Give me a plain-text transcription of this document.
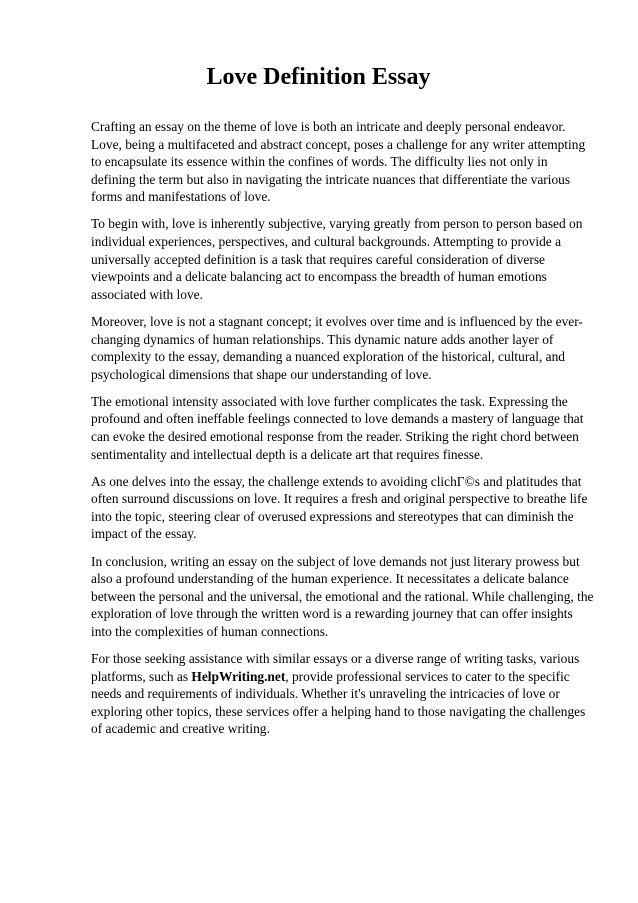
Love Definition Essay

Crafting an essay on the theme of love is both an intricate and deeply personal endeavor. Love, being a multifaceted and abstract concept, poses a challenge for any writer attempting to encapsulate its essence within the confines of words. The difficulty lies not only in defining the term but also in navigating the intricate nuances that differentiate the various forms and manifestations of love.

To begin with, love is inherently subjective, varying greatly from person to person based on individual experiences, perspectives, and cultural backgrounds. Attempting to provide a universally accepted definition is a task that requires careful consideration of diverse viewpoints and a delicate balancing act to encompass the breadth of human emotions associated with love.

Moreover, love is not a stagnant concept; it evolves over time and is influenced by the ever-changing dynamics of human relationships. This dynamic nature adds another layer of complexity to the essay, demanding a nuanced exploration of the historical, cultural, and psychological dimensions that shape our understanding of love.

The emotional intensity associated with love further complicates the task. Expressing the profound and often ineffable feelings connected to love demands a mastery of language that can evoke the desired emotional response from the reader. Striking the right chord between sentimentality and intellectual depth is a delicate art that requires finesse.

As one delves into the essay, the challenge extends to avoiding clichГ©s and platitudes that often surround discussions on love. It requires a fresh and original perspective to breathe life into the topic, steering clear of overused expressions and stereotypes that can diminish the impact of the essay.

In conclusion, writing an essay on the subject of love demands not just literary prowess but also a profound understanding of the human experience. It necessitates a delicate balance between the personal and the universal, the emotional and the rational. While challenging, the exploration of love through the written word is a rewarding journey that can offer insights into the complexities of human connections.

For those seeking assistance with similar essays or a diverse range of writing tasks, various platforms, such as HelpWriting.net, provide professional services to cater to the specific needs and requirements of individuals. Whether it's unraveling the intricacies of love or exploring other topics, these services offer a helping hand to those navigating the challenges of academic and creative writing.
